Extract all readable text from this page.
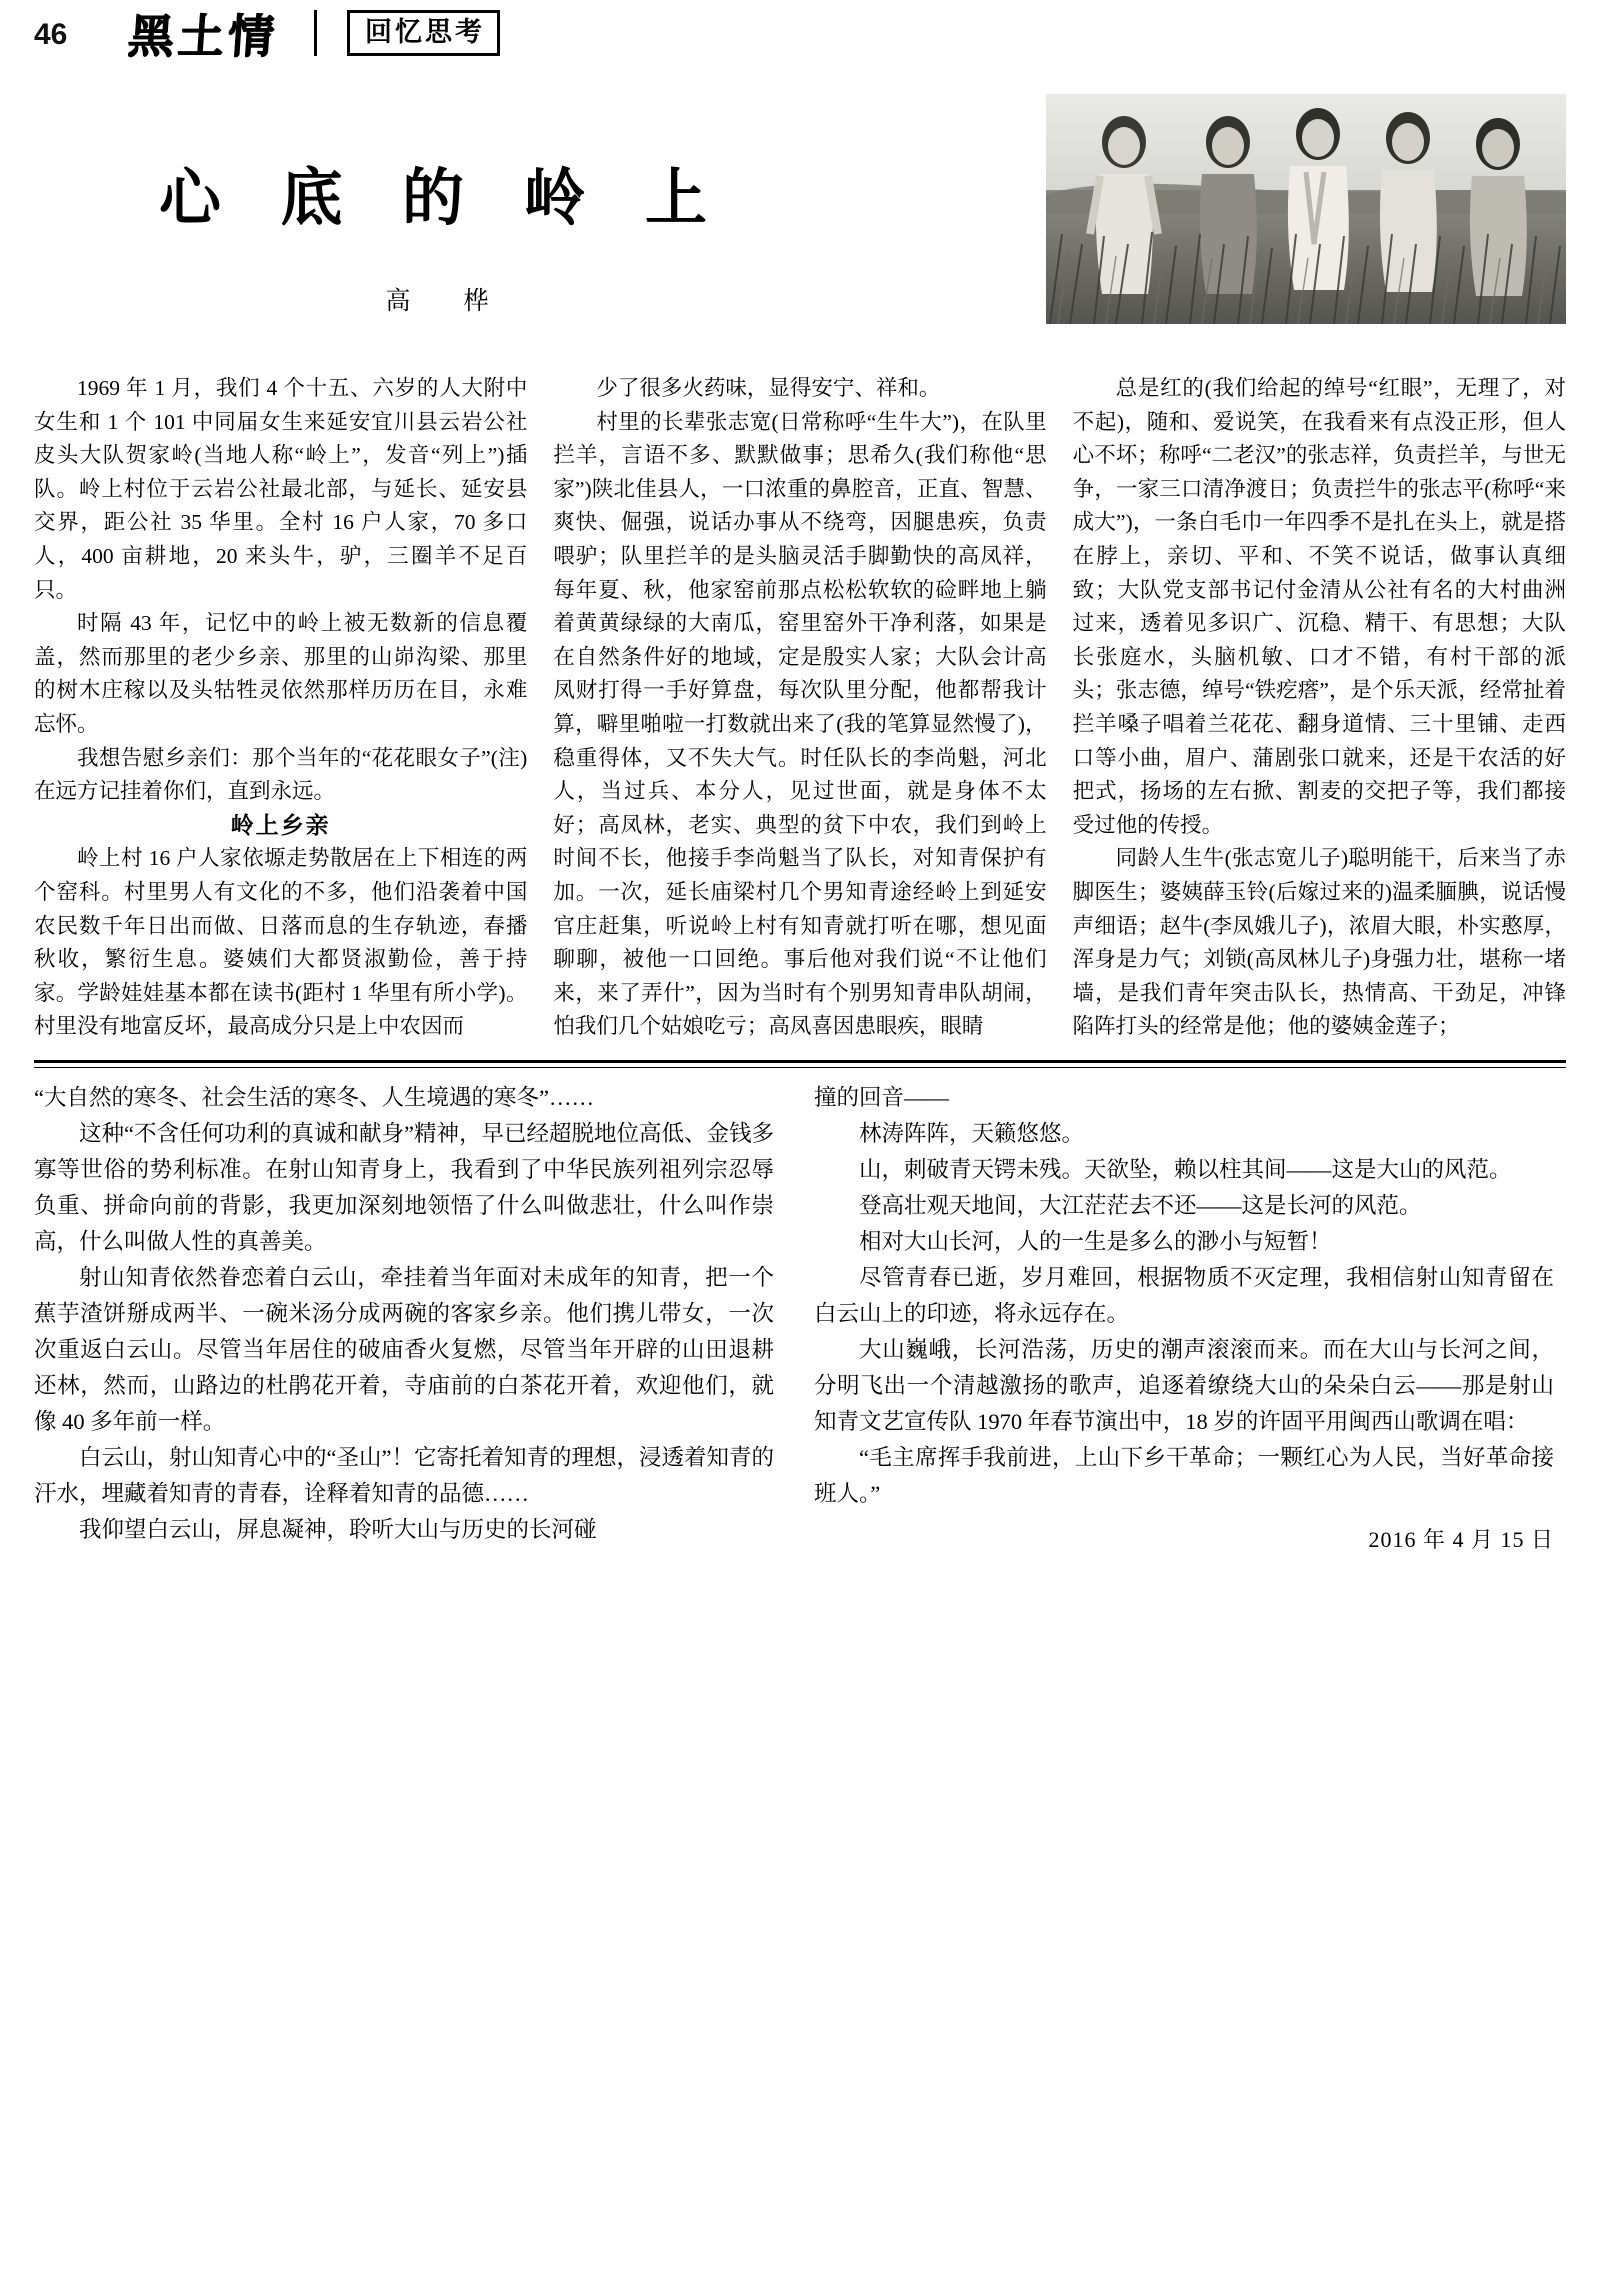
46	黑土情	回忆思考
心 底 的 岭 上
高　桦

1969 年 1 月，我们 4 个十五、六岁的人大附中女生和 1 个 101 中同届女生来延安宜川县云岩公社皮头大队贺家岭(当地人称“岭上”，发音“列上”)插队。岭上村位于云岩公社最北部，与延长、延安县交界，距公社 35 华里。全村 16 户人家，70 多口人，400 亩耕地，20 来头牛，驴，三圈羊不足百只。

时隔 43 年，记忆中的岭上被无数新的信息覆盖，然而那里的老少乡亲、那里的山峁沟梁、那里的树木庄稼以及头牯牲灵依然那样历历在目，永难忘怀。

我想告慰乡亲们：那个当年的“花花眼女子”(注)在远方记挂着你们，直到永远。

岭上乡亲

岭上村 16 户人家依塬走势散居在上下相连的两个窑科。村里男人有文化的不多，他们沿袭着中国农民数千年日出而做、日落而息的生存轨迹，春播秋收，繁衍生息。婆姨们大都贤淑勤俭，善于持家。学龄娃娃基本都在读书(距村 1 华里有所小学)。村里没有地富反坏，最高成分只是上中农因而

少了很多火药味，显得安宁、祥和。

村里的长辈张志宽(日常称呼“生牛大”)，在队里拦羊，言语不多、默默做事；思希久(我们称他“思家”)陕北佳县人，一口浓重的鼻腔音，正直、智慧、爽快、倔强，说话办事从不绕弯，因腿患疾，负责喂驴；队里拦羊的是头脑灵活手脚勤快的高凤祥，每年夏、秋，他家窑前那点松松软软的硷畔地上躺着黄黄绿绿的大南瓜，窑里窑外干净利落，如果是在自然条件好的地域，定是殷实人家；大队会计高凤财打得一手好算盘，每次队里分配，他都帮我计算，噼里啪啦一打数就出来了(我的笔算显然慢了)，稳重得体，又不失大气。时任队长的李尚魁，河北人，当过兵、本分人，见过世面，就是身体不太好；高凤林，老实、典型的贫下中农，我们到岭上时间不长，他接手李尚魁当了队长，对知青保护有加。一次，延长庙梁村几个男知青途经岭上到延安官庄赶集，听说岭上村有知青就打听在哪，想见面聊聊，被他一口回绝。事后他对我们说“不让他们来，来了弄什”，因为当时有个别男知青串队胡闹，怕我们几个姑娘吃亏；高凤喜因患眼疾，眼睛

总是红的(我们给起的绰号“红眼”，无理了，对不起)，随和、爱说笑，在我看来有点没正形，但人心不坏；称呼“二老汉”的张志祥，负责拦羊，与世无争，一家三口清净渡日；负责拦牛的张志平(称呼“来成大”)，一条白毛巾一年四季不是扎在头上，就是搭在脖上，亲切、平和、不笑不说话，做事认真细致；大队党支部书记付金清从公社有名的大村曲洲过来，透着见多识广、沉稳、精干、有思想；大队长张庭水，头脑机敏、口才不错，有村干部的派头；张志德，绰号“铁疙瘩”，是个乐天派，经常扯着拦羊嗓子唱着兰花花、翻身道情、三十里铺、走西口等小曲，眉户、蒲剧张口就来，还是干农活的好把式，扬场的左右掀、割麦的交把子等，我们都接受过他的传授。

同龄人生牛(张志宽儿子)聪明能干，后来当了赤脚医生；婆姨薛玉铃(后嫁过来的)温柔腼腆，说话慢声细语；赵牛(李凤娥儿子)，浓眉大眼，朴实憨厚，浑身是力气；刘锁(高凤林儿子)身强力壮，堪称一堵墙，是我们青年突击队长，热情高、干劲足，冲锋陷阵打头的经常是他；他的婆姨金莲子；

“大自然的寒冬、社会生活的寒冬、人生境遇的寒冬”……

这种“不含任何功利的真诚和献身”精神，早已经超脱地位高低、金钱多寡等世俗的势利标准。在射山知青身上，我看到了中华民族列祖列宗忍辱负重、拼命向前的背影，我更加深刻地领悟了什么叫做悲壮，什么叫作崇高，什么叫做人性的真善美。

射山知青依然眷恋着白云山，牵挂着当年面对未成年的知青，把一个蕉芋渣饼掰成两半、一碗米汤分成两碗的客家乡亲。他们携儿带女，一次次重返白云山。尽管当年居住的破庙香火复燃，尽管当年开辟的山田退耕还林，然而，山路边的杜鹃花开着，寺庙前的白茶花开着，欢迎他们，就像 40 多年前一样。

白云山，射山知青心中的“圣山”！它寄托着知青的理想，浸透着知青的汗水，埋藏着知青的青春，诠释着知青的品德……

我仰望白云山，屏息凝神，聆听大山与历史的长河碰

撞的回音——

林涛阵阵，天籁悠悠。

山，刺破青天锷未残。天欲坠，赖以柱其间——这是大山的风范。

登高壮观天地间，大江茫茫去不还——这是长河的风范。

相对大山长河，人的一生是多么的渺小与短暂！

尽管青春已逝，岁月难回，根据物质不灭定理，我相信射山知青留在白云山上的印迹，将永远存在。

大山巍峨，长河浩荡，历史的潮声滚滚而来。而在大山与长河之间，分明飞出一个清越激扬的歌声，追逐着缭绕大山的朵朵白云——那是射山知青文艺宣传队 1970 年春节演出中，18 岁的许固平用闽西山歌调在唱：

“毛主席挥手我前进，上山下乡干革命；一颗红心为人民，当好革命接班人。”

2016 年 4 月 15 日
